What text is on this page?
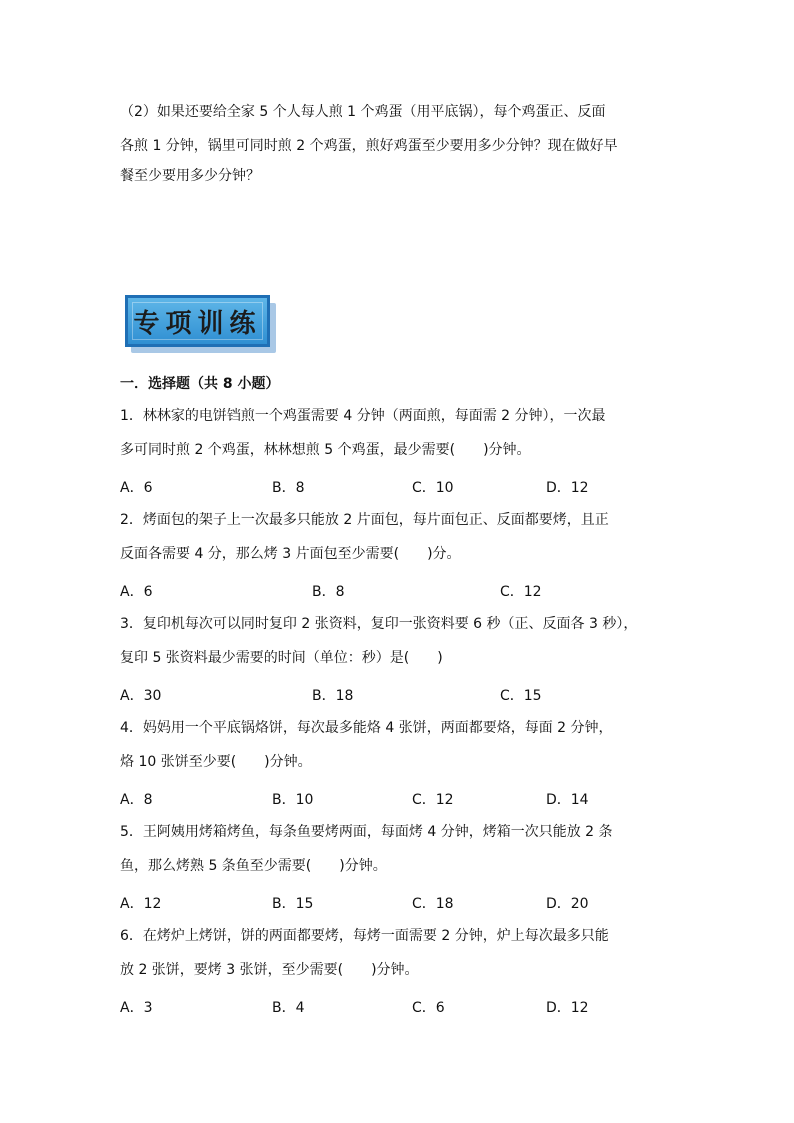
（2）如果还要给全家 5 个人每人煎 1 个鸡蛋（用平底锅），每个鸡蛋正、反面
各煎 1 分钟，锅里可同时煎 2 个鸡蛋，煎好鸡蛋至少要用多少分钟？现在做好早
餐至少要用多少分钟？
专项训练
一．选择题（共 8 小题）
1．林林家的电饼铛煎一个鸡蛋需要 4 分钟（两面煎，每面需 2 分钟），一次最
多可同时煎 2 个鸡蛋，林林想煎 5 个鸡蛋，最少需要(　　)分钟。
A．6	B．8	C．10	D．12
2．烤面包的架子上一次最多只能放 2 片面包，每片面包正、反面都要烤，且正
反面各需要 4 分，那么烤 3 片面包至少需要(　　)分。
A．6	B．8	C．12
3．复印机每次可以同时复印 2 张资料，复印一张资料要 6 秒（正、反面各 3 秒），
复印 5 张资料最少需要的时间（单位：秒）是(　　)
A．30	B．18	C．15
4．妈妈用一个平底锅烙饼，每次最多能烙 4 张饼，两面都要烙，每面 2 分钟，
烙 10 张饼至少要(　　)分钟。
A．8	B．10	C．12	D．14
5．王阿姨用烤箱烤鱼，每条鱼要烤两面，每面烤 4 分钟，烤箱一次只能放 2 条
鱼，那么烤熟 5 条鱼至少需要(　　)分钟。
A．12	B．15	C．18	D．20
6．在烤炉上烤饼，饼的两面都要烤，每烤一面需要 2 分钟，炉上每次最多只能
放 2 张饼，要烤 3 张饼，至少需要(　　)分钟。
A．3	B．4	C．6	D．12
